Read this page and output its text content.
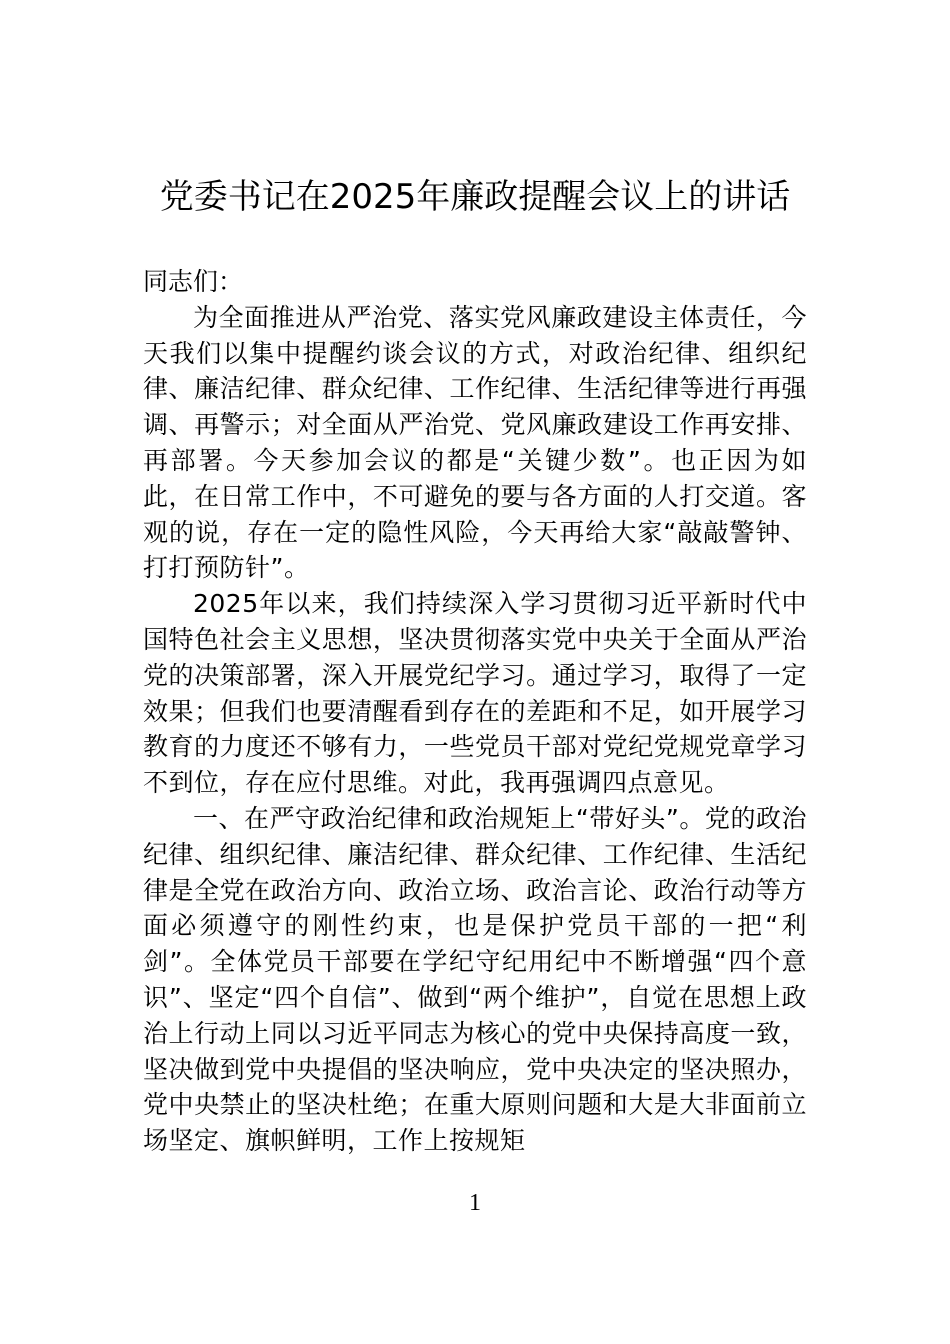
党委书记在2025年廉政提醒会议上的讲话

同志们：

为全面推进从严治党、落实党风廉政建设主体责任，今天我们以集中提醒约谈会议的方式，对政治纪律、组织纪律、廉洁纪律、群众纪律、工作纪律、生活纪律等进行再强调、再警示；对全面从严治党、党风廉政建设工作再安排、再部署。今天参加会议的都是“关键少数”。也正因为如此，在日常工作中，不可避免的要与各方面的人打交道。客观的说，存在一定的隐性风险，今天再给大家“敲敲警钟、打打预防针”。

2025年以来，我们持续深入学习贯彻习近平新时代中国特色社会主义思想，坚决贯彻落实党中央关于全面从严治党的决策部署，深入开展党纪学习。通过学习，取得了一定效果；但我们也要清醒看到存在的差距和不足，如开展学习教育的力度还不够有力，一些党员干部对党纪党规党章学习不到位，存在应付思维。对此，我再强调四点意见。

一、在严守政治纪律和政治规矩上“带好头”。党的政治纪律、组织纪律、廉洁纪律、群众纪律、工作纪律、生活纪律是全党在政治方向、政治立场、政治言论、政治行动等方面必须遵守的刚性约束，也是保护党员干部的一把“利剑”。全体党员干部要在学纪守纪用纪中不断增强“四个意识”、坚定“四个自信”、做到“两个维护”，自觉在思想上政治上行动上同以习近平同志为核心的党中央保持高度一致，坚决做到党中央提倡的坚决响应，党中央决定的坚决照办，党中央禁止的坚决杜绝；在重大原则问题和大是大非面前立场坚定、旗帜鲜明，工作上按规矩

1
